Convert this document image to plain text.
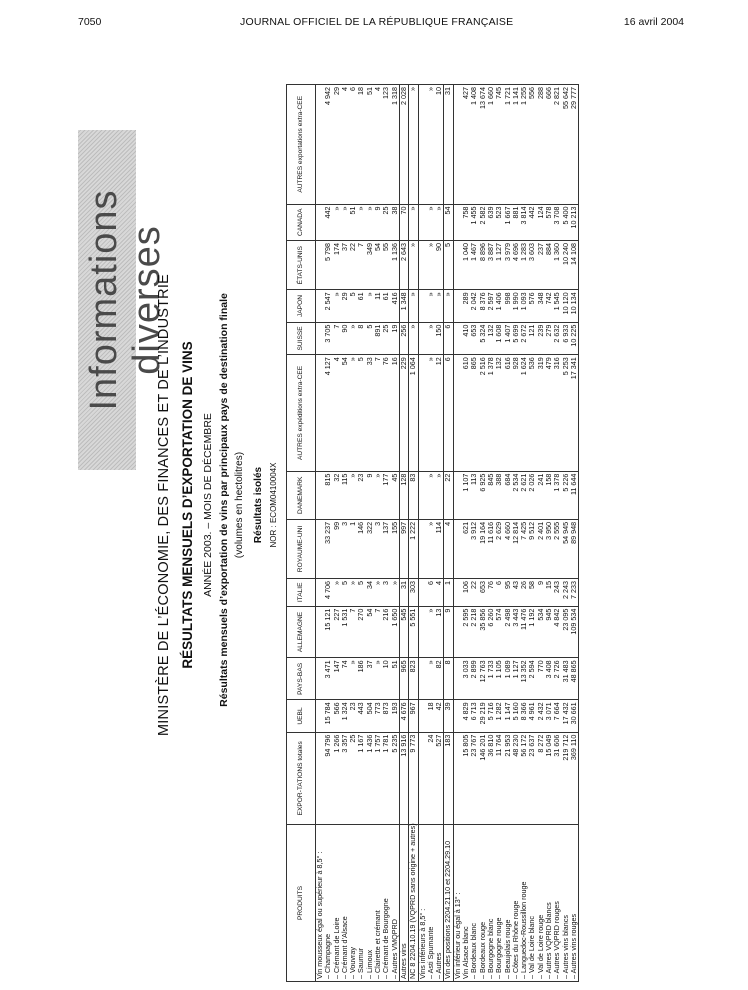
7050	JOURNAL OFFICIEL DE LA RÉPUBLIQUE FRANÇAISE	16 avril 2004
Informations diverses
MINISTÈRE DE L’ÉCONOMIE, DES FINANCES ET DE L’INDUSTRIE RÉSULTATS MENSUELS D’EXPORTATION DE VINS ANNÉE 2003. – MOIS DE DÉCEMBRE Résultats mensuels d’exportation de vins par principaux pays de destination finale (volumes en hectolitres) Résultats isolés NOR : ECOM0410004X
PRODUITS	EXPOR-TATIONS totales	UEBL	PAYS-BAS	ALLEMAGNE	ITALIE	ROYAUME-UNI	DANEMARK	AUTRES expéditions extra-CEE	SUISSE	JAPON	ÉTATS-UNIS	CANADA	AUTRES exportations extra-CEE
Vin mousseux égal ou supérieur à 8,5° :													
– Champagne	94 796	15 784	3 471	15 121	4 706	33 237	815	4 127	3 705	2 547	5 798	442	4 942
– Crémant de Loire	1 266	566	147	227	»	99	32	4	7	»	174	»	29
– Crémant d’Alsace	3 357	1 324	74	1 531	5	3	115	54	90	29	37	»	4
– Vouvray	25	23	»	7	»	1	»	»	»	5	22	51	6
– Saumur	1 167	443	186	270	5	146	23	5	8	61	7	»	18
– Limoux	1 436	504	37	54	34	322	9	33	5	»	349	»	51
– Clairette et crémant	1 757	773	»	7	»	3	»	7	891	11	54	9	4
– Crémant de Bourgogne	1 781	873	10	216	3	137	177	76	25	61	55	25	123
– Autres VMQPRD	5 235	193	51	1 650	»	155	45	16	19	416	1 136	38	1 318
Autres vins	13 916	4 676	965	545	31	997	128	229	256	1 348	2 643	70	2 028
NC 8 2204.10.19 (VQPRD sans origine + autres)	9 773	967	823	5 551	303	1 222	83	1 064	»	»	»	»	»
Vins inférieurs à 8,5° :													
– Asti Spumante	24	18	»	»	6	»	»	»	»	»	»	»	»
– Autres	527	42	82	13	4	114	»	12	150	»	90	»	10
Vin des positions 2204.21.10 et 2204.29.10	183	39	8	9	1	4	22	6	6	»	5	54	31
Vin inférieur ou égal à 13° :													
Vin Alsace blanc	15 805	4 829	3 033	2 595	106	621	1 107	610	410	289	1 040	758	427
– Bordeaux blanc	23 767	6 713	2 899	2 218	22	3 912	113	865	653	2 042	1 467	1 455	1 408
– Bordeaux rouge	146 201	29 219	12 763	35 856	653	19 164	6 925	2 516	5 324	8 376	8 896	2 582	13 674
– Bourgogne blanc	36 810	5 716	1 733	6 260	76	11 616	845	1 378	132	2 597	3 887	639	1 660
– Bourgogne rouge	11 764	1 282	1 105	574	6	2 629	388	132	1 608	1 406	1 127	523	745
– Beaujolais rouge	21 953	1 147	1 089	2 498	95	4 660	684	616	1 407	998	3 979	1 667	1 721
– Côtes du Rhône rouge	48 230	5 160	1 127	3 443	43	12 814	2 534	928	5 699	1 990	4 696	881	1 141
– Languedoc-Roussillon rouge	56 172	8 366	13 352	11 476	26	7 425	2 621	1 624	2 672	1 093	1 283	3 814	1 255
– Val de Loire blanc	23 637	4 961	2 594	1 192	58	9 512	2 026	536	121	576	3 603	442	556
– Val de Loire rouge	8 272	2 432	770	534	9	2 401	241	319	239	348	237	124	288
– Autres VQPRD blancs	15 049	3 071	3 408	945	15	3 950	158	479	279	742	884	578	666
– Autres VQPRD rouges	31 606	7 664	2 726	4 842	243	2 555	1 378	316	2 632	1 545	1 360	3 708	2 821
– Autres vins blancs	219 712	17 432	31 483	23 095	2 243	54 945	5 226	5 253	6 933	10 120	10 240	5 400	55 642
– Autres vins rouges	369 110	30 661	48 865	109 534	7 233	89 948	11 644	17 341	10 225	10 134	14 108	10 213	29 777
